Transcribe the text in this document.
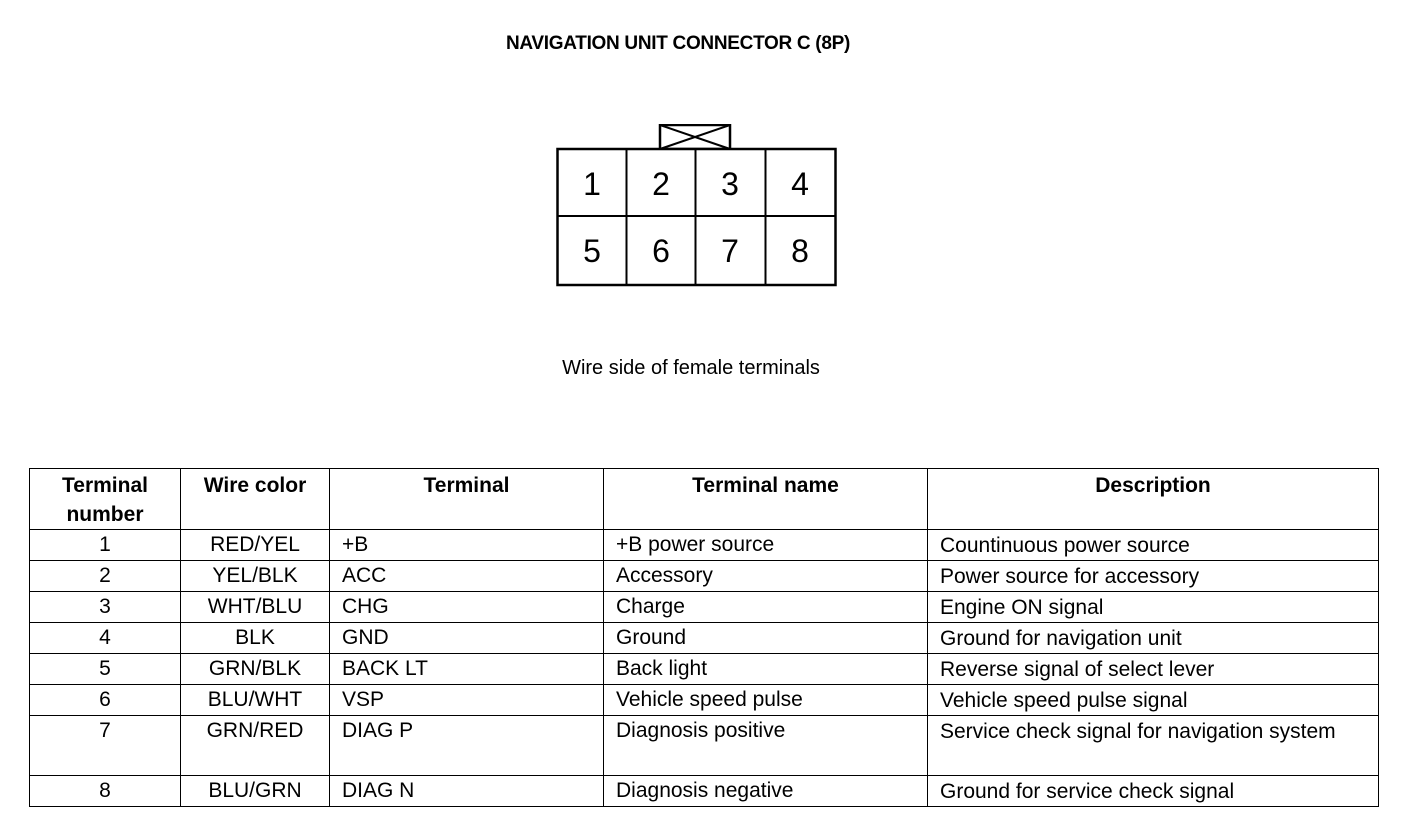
NAVIGATION UNIT CONNECTOR C (8P)
1	2	3	4
5	6	7	8
Wire side of female terminals
Terminal number	Wire color	Terminal	Terminal name	Description
1	RED/YEL	+B	+B power source	Countinuous power source
2	YEL/BLK	ACC	Accessory	Power source for accessory
3	WHT/BLU	CHG	Charge	Engine ON signal
4	BLK	GND	Ground	Ground for navigation unit
5	GRN/BLK	BACK LT	Back light	Reverse signal of select lever
6	BLU/WHT	VSP	Vehicle speed pulse	Vehicle speed pulse signal
7	GRN/RED	DIAG P	Diagnosis positive	Service check signal for navigation system
8	BLU/GRN	DIAG N	Diagnosis negative	Ground for service check signal
